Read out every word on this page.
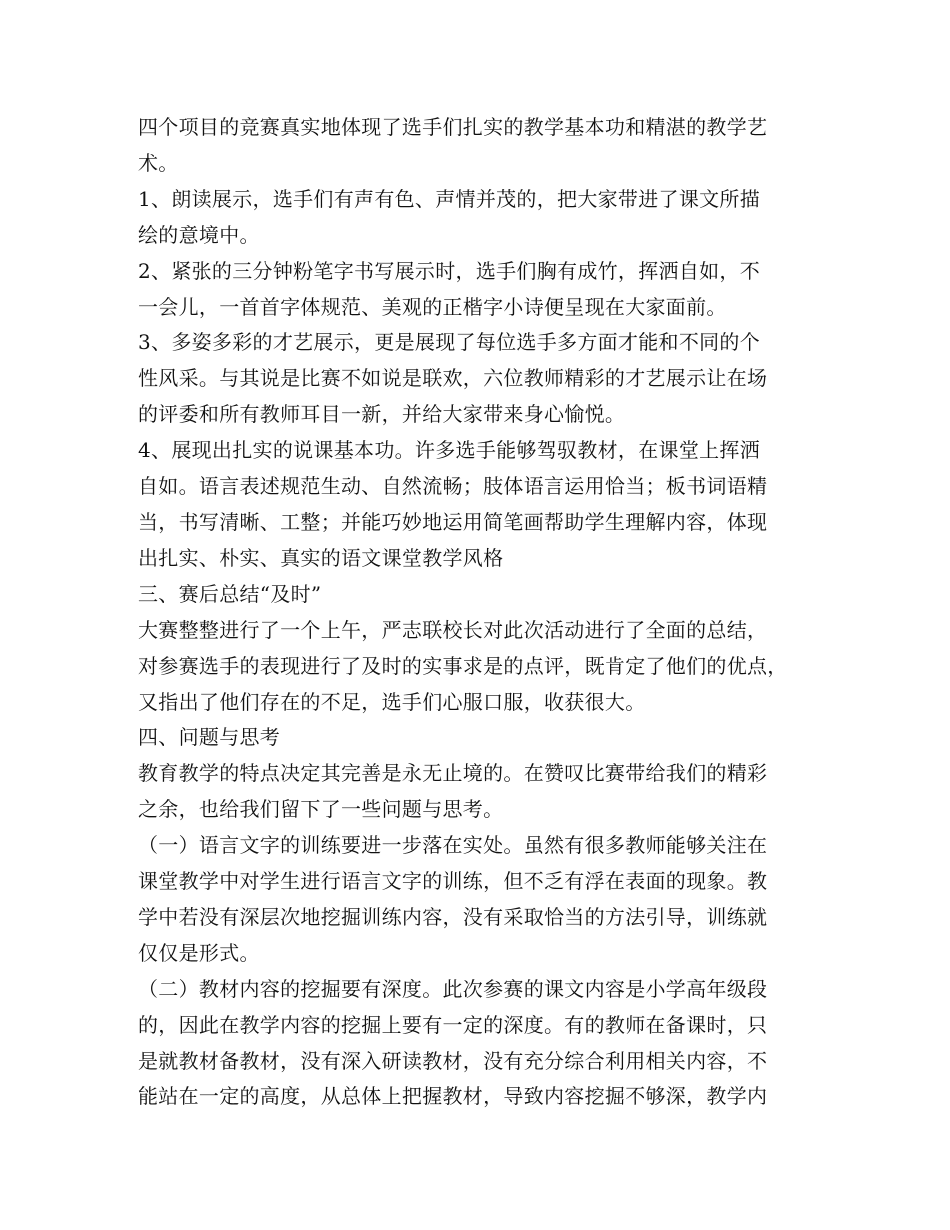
四个项目的竞赛真实地体现了选手们扎实的教学基本功和精湛的教学艺
术。
1、朗读展示，选手们有声有色、声情并茂的，把大家带进了课文所描
绘的意境中。
2、紧张的三分钟粉笔字书写展示时，选手们胸有成竹，挥洒自如，不
一会儿，一首首字体规范、美观的正楷字小诗便呈现在大家面前。
3、多姿多彩的才艺展示，更是展现了每位选手多方面才能和不同的个
性风采。与其说是比赛不如说是联欢，六位教师精彩的才艺展示让在场
的评委和所有教师耳目一新，并给大家带来身心愉悦。
4、展现出扎实的说课基本功。许多选手能够驾驭教材，在课堂上挥洒
自如。语言表述规范生动、自然流畅；肢体语言运用恰当；板书词语精
当，书写清晰、工整；并能巧妙地运用简笔画帮助学生理解内容，体现
出扎实、朴实、真实的语文课堂教学风格
三、赛后总结“及时”
大赛整整进行了一个上午，严志联校长对此次活动进行了全面的总结，
对参赛选手的表现进行了及时的实事求是的点评，既肯定了他们的优点，
又指出了他们存在的不足，选手们心服口服，收获很大。
四、问题与思考
教育教学的特点决定其完善是永无止境的。在赞叹比赛带给我们的精彩
之余，也给我们留下了一些问题与思考。
（一）语言文字的训练要进一步落在实处。虽然有很多教师能够关注在
课堂教学中对学生进行语言文字的训练，但不乏有浮在表面的现象。教
学中若没有深层次地挖掘训练内容，没有采取恰当的方法引导，训练就
仅仅是形式。
（二）教材内容的挖掘要有深度。此次参赛的课文内容是小学高年级段
的，因此在教学内容的挖掘上要有一定的深度。有的教师在备课时，只
是就教材备教材，没有深入研读教材，没有充分综合利用相关内容，不
能站在一定的高度，从总体上把握教材，导致内容挖掘不够深，教学内
